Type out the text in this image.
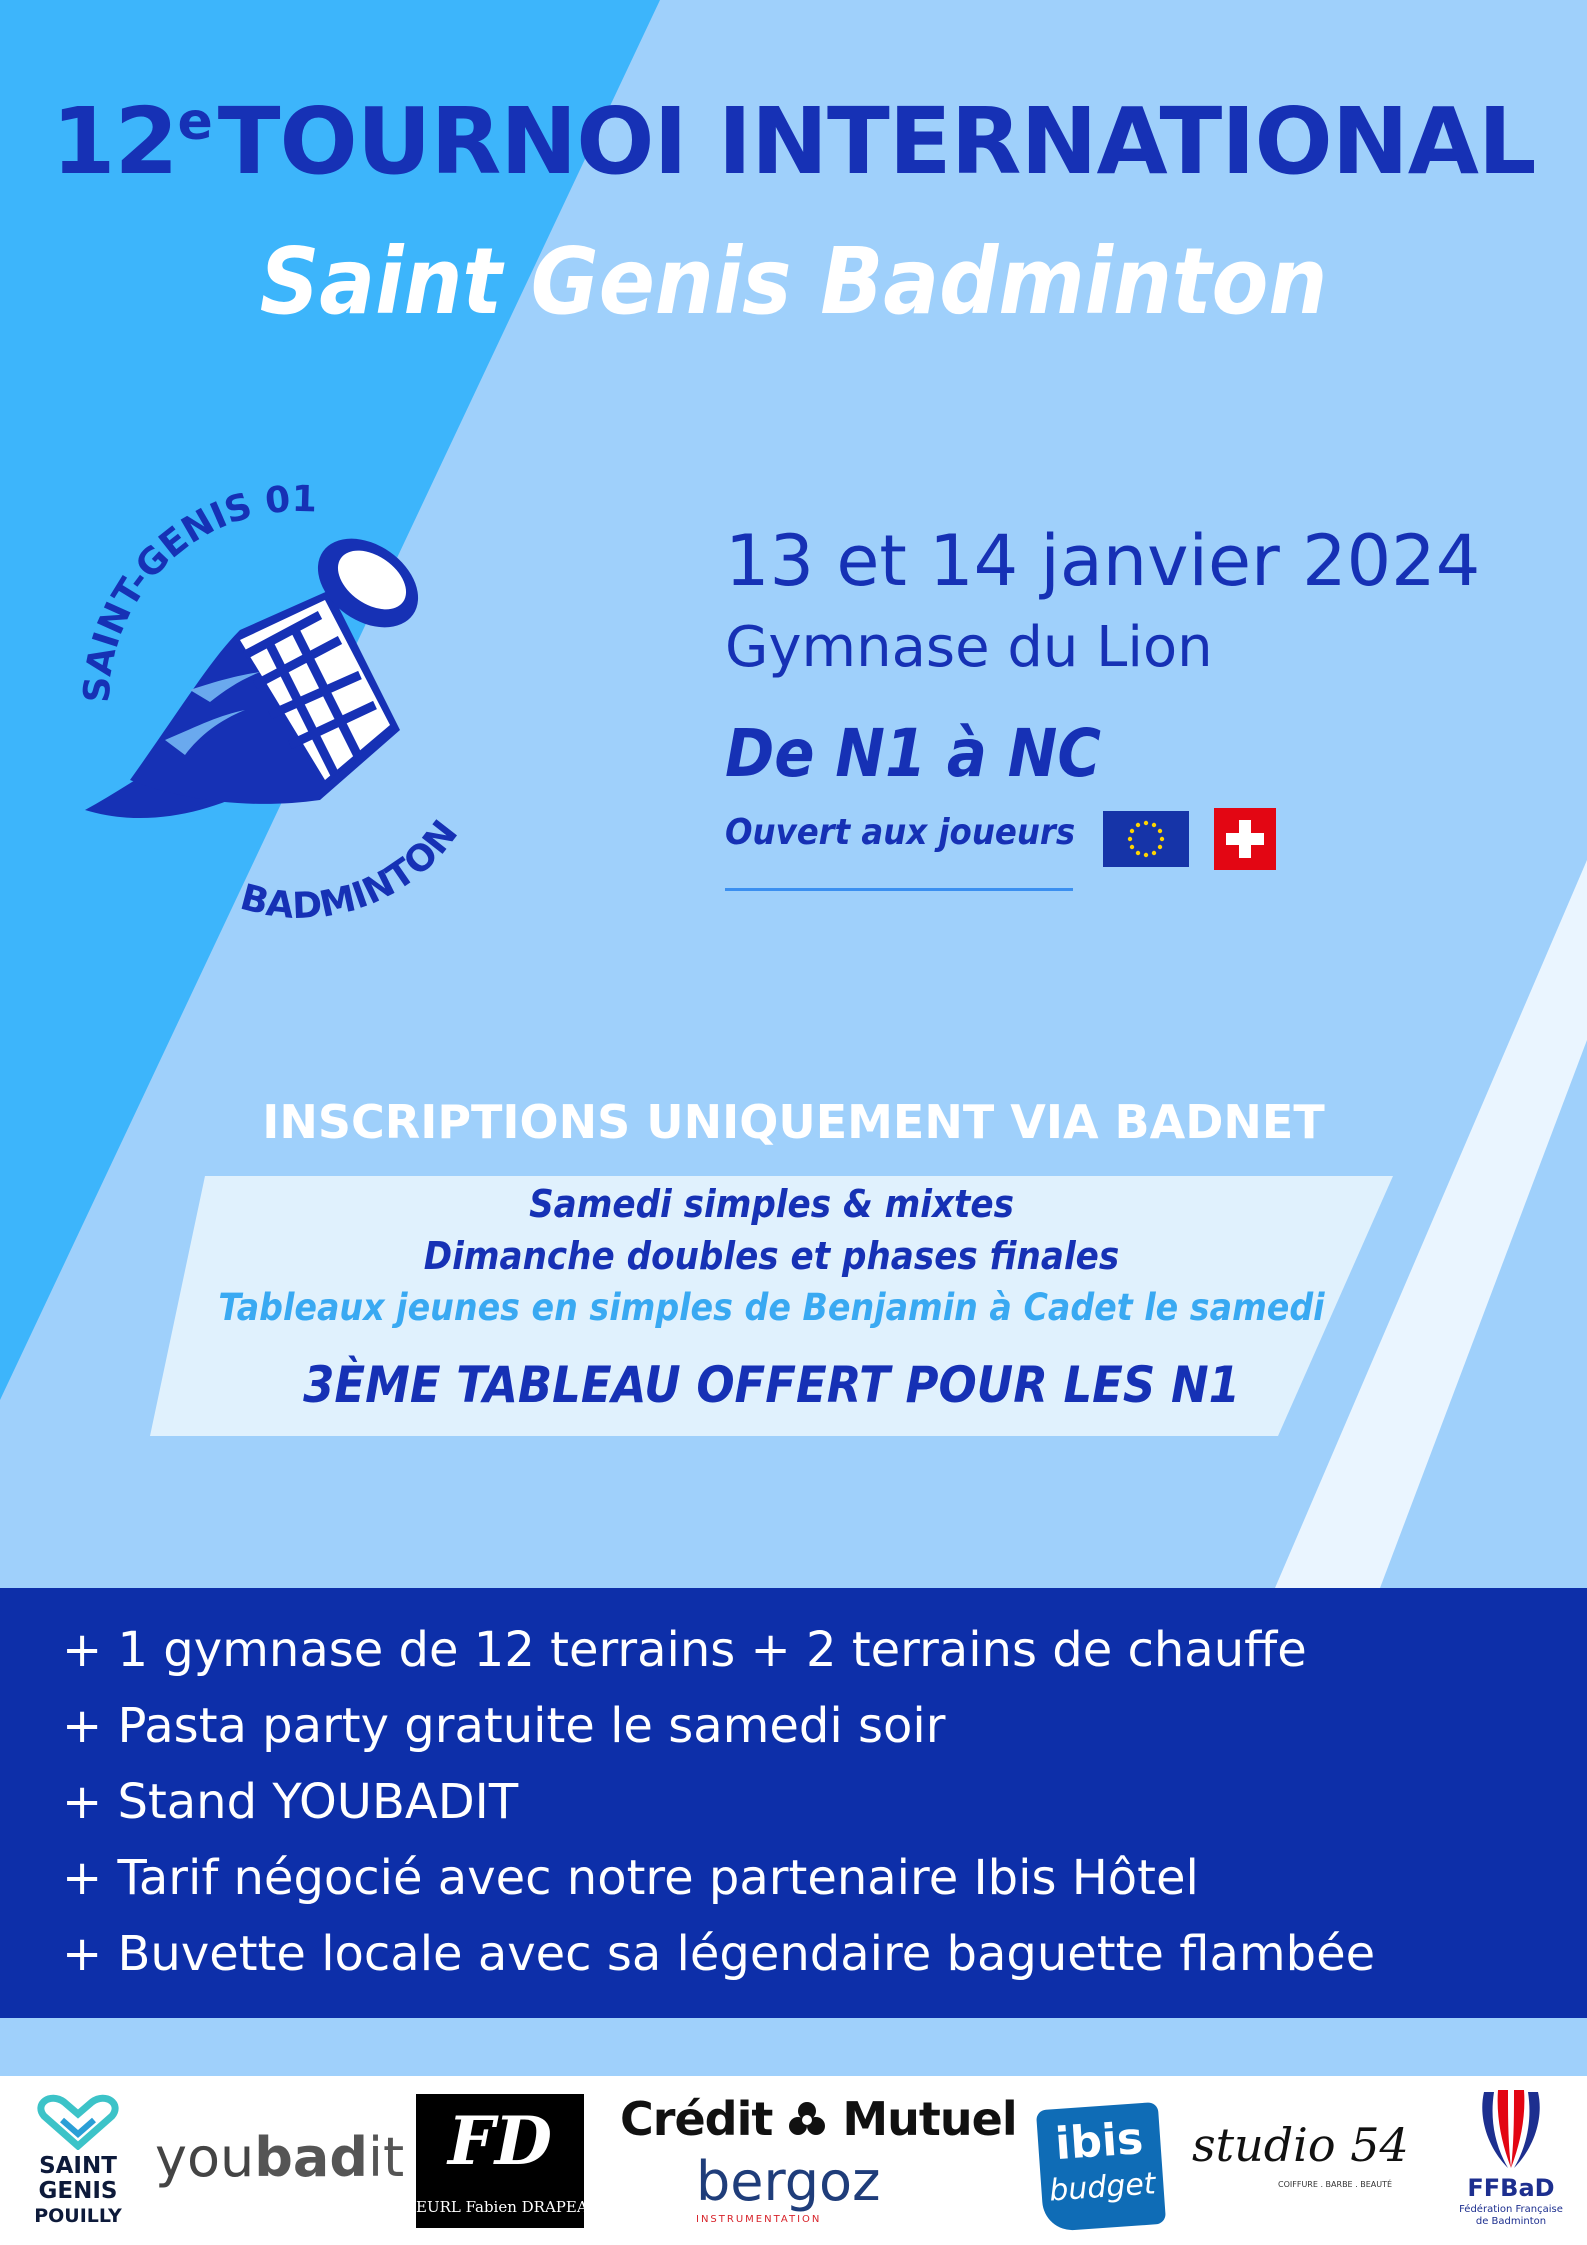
12eTOURNOI INTERNATIONAL
Saint Genis Badminton
SAINT-GENIS 01
BADMINTON
13 et 14 janvier 2024
Gymnase du Lion
De N1 à NC
Ouvert aux joueurs
INSCRIPTIONS UNIQUEMENT VIA BADNET
Samedi simples & mixtes
Dimanche doubles et phases finales
Tableaux jeunes en simples de Benjamin à Cadet le samedi
3ÈME TABLEAU OFFERT POUR LES N1
+ 1 gymnase de 12 terrains + 2 terrains de chauffe
+ Pasta party gratuite le samedi soir
+ Stand YOUBADIT
+ Tarif négocié avec notre partenaire Ibis Hôtel
+ Buvette locale avec sa légendaire baguette flambée
SAINT
GENIS
POUILLY
youbadit FD
EURL Fabien DRAPEAU
Crédit Mutuel
bergoz
INSTRUMENTATION
ibis
budget
studio 54
COIFFURE . BARBE . BEAUTÉ	FFBaD
Fédération Française
de Badminton
